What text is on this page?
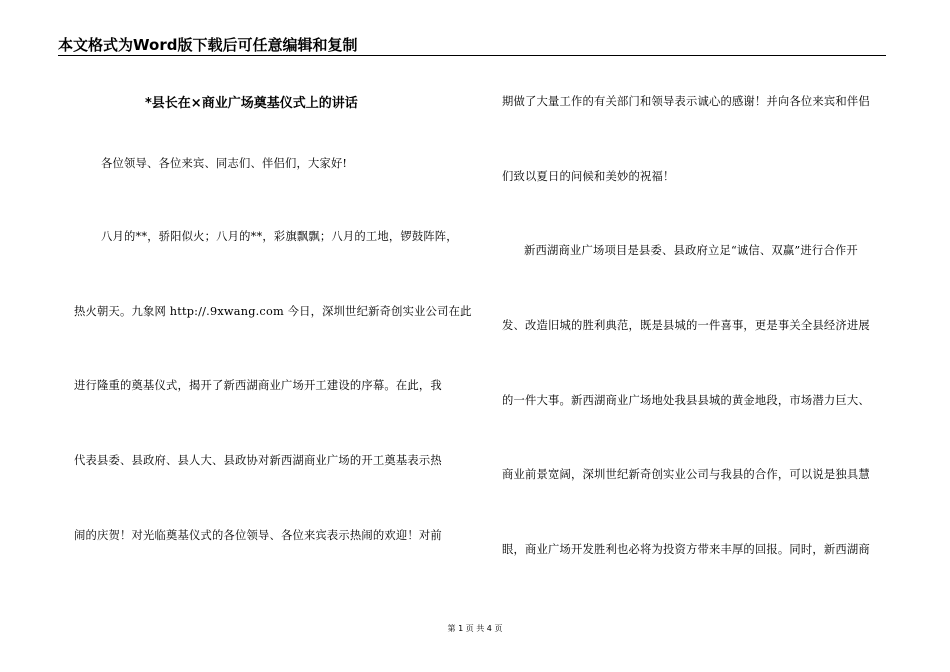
本文格式为Word版下载后可任意编辑和复制
*县长在×商业广场奠基仪式上的讲话
各位领导、各位来宾、同志们、伴侣们，大家好!
八月的**，骄阳似火；八月的**，彩旗飘飘；八月的工地，锣鼓阵阵，
热火朝天。九象网 http://.9xwang.com 今日，深圳世纪新奇创实业公司在此
进行隆重的奠基仪式，揭开了新西湖商业广场开工建设的序幕。在此，我
代表县委、县政府、县人大、县政协对新西湖商业广场的开工奠基表示热
闹的庆贺！对光临奠基仪式的各位领导、各位来宾表示热闹的欢迎！对前
期做了大量工作的有关部门和领导表示诚心的感谢！并向各位来宾和伴侣
们致以夏日的问候和美妙的祝福！
新西湖商业广场项目是县委、县政府立足“诚信、双赢”进行合作开
发、改造旧城的胜利典范，既是县城的一件喜事，更是事关全县经济进展
的一件大事。新西湖商业广场地处我县县城的黄金地段，市场潜力巨大、
商业前景宽阔，深圳世纪新奇创实业公司与我县的合作，可以说是独具慧
眼，商业广场开发胜利也必将为投资方带来丰厚的回报。同时，新西湖商
第 1 页 共 4 页
